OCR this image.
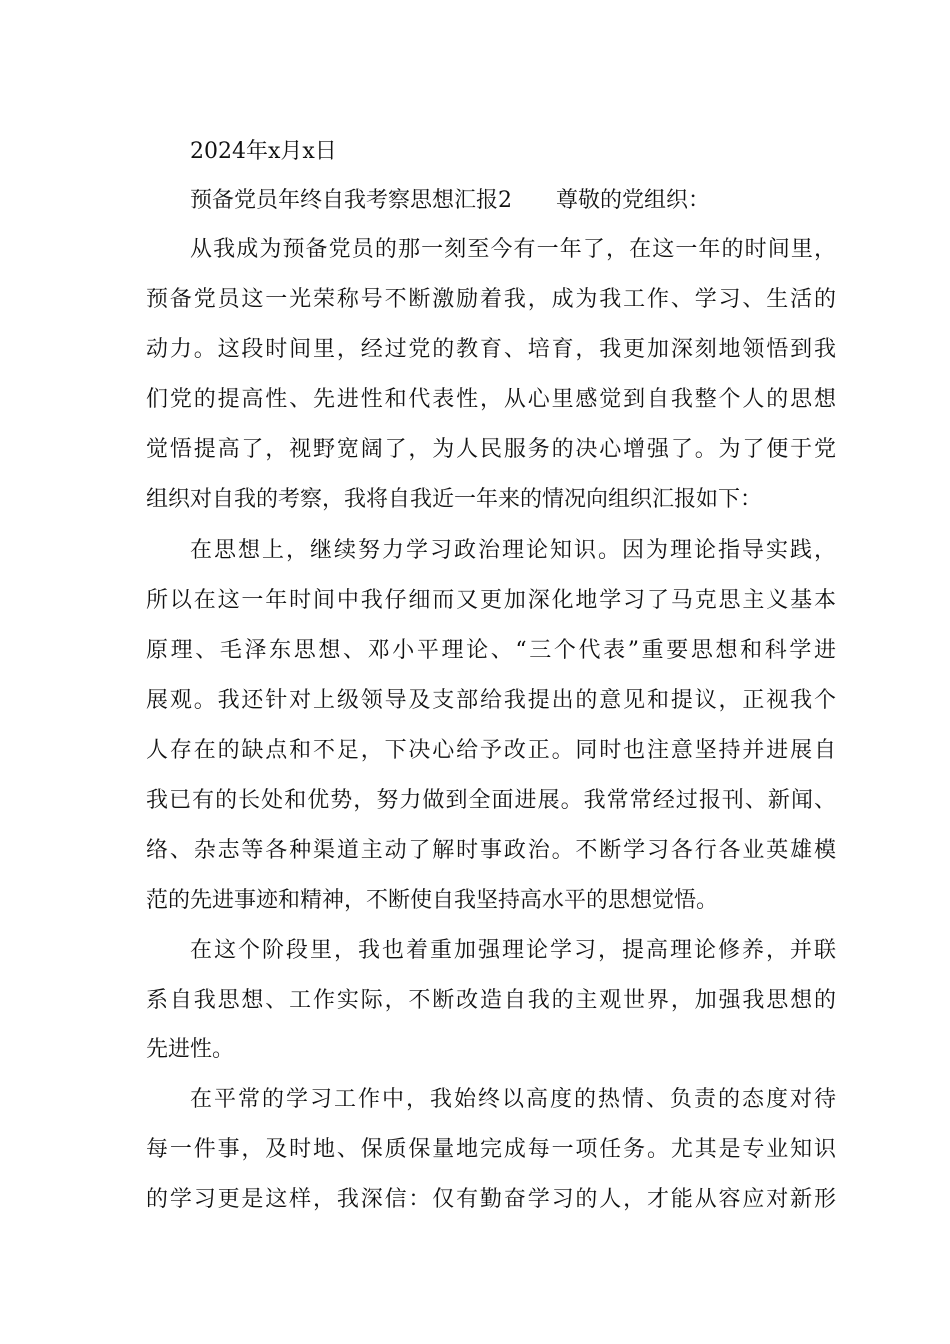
2024年x月x日
预备党员年终自我考察思想汇报2　　尊敬的党组织：
从我成为预备党员的那一刻至今有一年了，在这一年的时间里，
预备党员这一光荣称号不断激励着我，成为我工作、学习、生活的
动力。这段时间里，经过党的教育、培育，我更加深刻地领悟到我
们党的提高性、先进性和代表性，从心里感觉到自我整个人的思想
觉悟提高了，视野宽阔了，为人民服务的决心增强了。为了便于党
组织对自我的考察，我将自我近一年来的情况向组织汇报如下：
在思想上，继续努力学习政治理论知识。因为理论指导实践，
所以在这一年时间中我仔细而又更加深化地学习了马克思主义基本
原理、毛泽东思想、邓小平理论、“三个代表”重要思想和科学进
展观。我还针对上级领导及支部给我提出的意见和提议，正视我个
人存在的缺点和不足，下决心给予改正。同时也注意坚持并进展自
我已有的长处和优势，努力做到全面进展。我常常经过报刊、新闻、
络、杂志等各种渠道主动了解时事政治。不断学习各行各业英雄模
范的先进事迹和精神，不断使自我坚持高水平的思想觉悟。
在这个阶段里，我也着重加强理论学习，提高理论修养，并联
系自我思想、工作实际，不断改造自我的主观世界，加强我思想的
先进性。
在平常的学习工作中，我始终以高度的热情、负责的态度对待
每一件事，及时地、保质保量地完成每一项任务。尤其是专业知识
的学习更是这样，我深信：仅有勤奋学习的人，才能从容应对新形
